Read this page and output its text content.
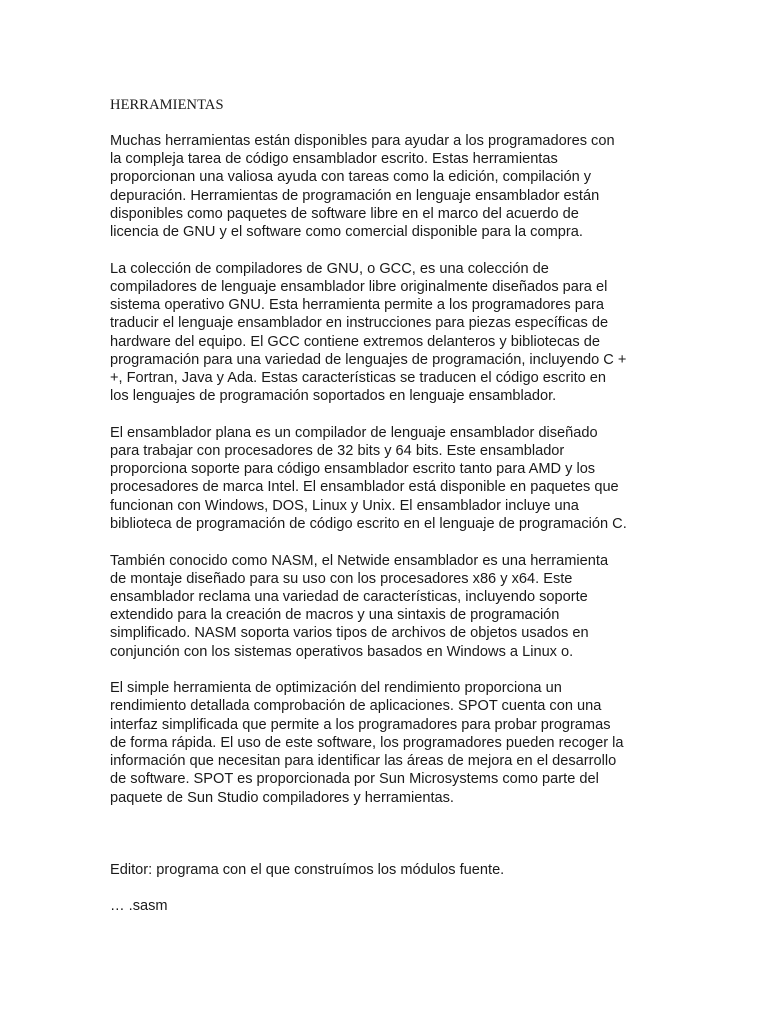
HERRAMIENTAS
Muchas herramientas están disponibles para ayudar a los programadores con
la compleja tarea de código ensamblador escrito. Estas herramientas
proporcionan una valiosa ayuda con tareas como la edición, compilación y
depuración. Herramientas de programación en lenguaje ensamblador están
disponibles como paquetes de software libre en el marco del acuerdo de
licencia de GNU y el software como comercial disponible para la compra.
La colección de compiladores de GNU, o GCC, es una colección de
compiladores de lenguaje ensamblador libre originalmente diseñados para el
sistema operativo GNU. Esta herramienta permite a los programadores para
traducir el lenguaje ensamblador en instrucciones para piezas específicas de
hardware del equipo. El GCC contiene extremos delanteros y bibliotecas de
programación para una variedad de lenguajes de programación, incluyendo C +
+, Fortran, Java y Ada. Estas características se traducen el código escrito en
los lenguajes de programación soportados en lenguaje ensamblador.
El ensamblador plana es un compilador de lenguaje ensamblador diseñado
para trabajar con procesadores de 32 bits y 64 bits. Este ensamblador
proporciona soporte para código ensamblador escrito tanto para AMD y los
procesadores de marca Intel. El ensamblador está disponible en paquetes que
funcionan con Windows, DOS, Linux y Unix. El ensamblador incluye una
biblioteca de programación de código escrito en el lenguaje de programación C.
También conocido como NASM, el Netwide ensamblador es una herramienta
de montaje diseñado para su uso con los procesadores x86 y x64. Este
ensamblador reclama una variedad de características, incluyendo soporte
extendido para la creación de macros y una sintaxis de programación
simplificado. NASM soporta varios tipos de archivos de objetos usados en
conjunción con los sistemas operativos basados en Windows a Linux o.
El simple herramienta de optimización del rendimiento proporciona un
rendimiento detallada comprobación de aplicaciones. SPOT cuenta con una
interfaz simplificada que permite a los programadores para probar programas
de forma rápida. El uso de este software, los programadores pueden recoger la
información que necesitan para identificar las áreas de mejora en el desarrollo
de software. SPOT es proporcionada por Sun Microsystems como parte del
paquete de Sun Studio compiladores y herramientas.
Editor: programa con el que construímos los módulos fuente.
… .sasm
